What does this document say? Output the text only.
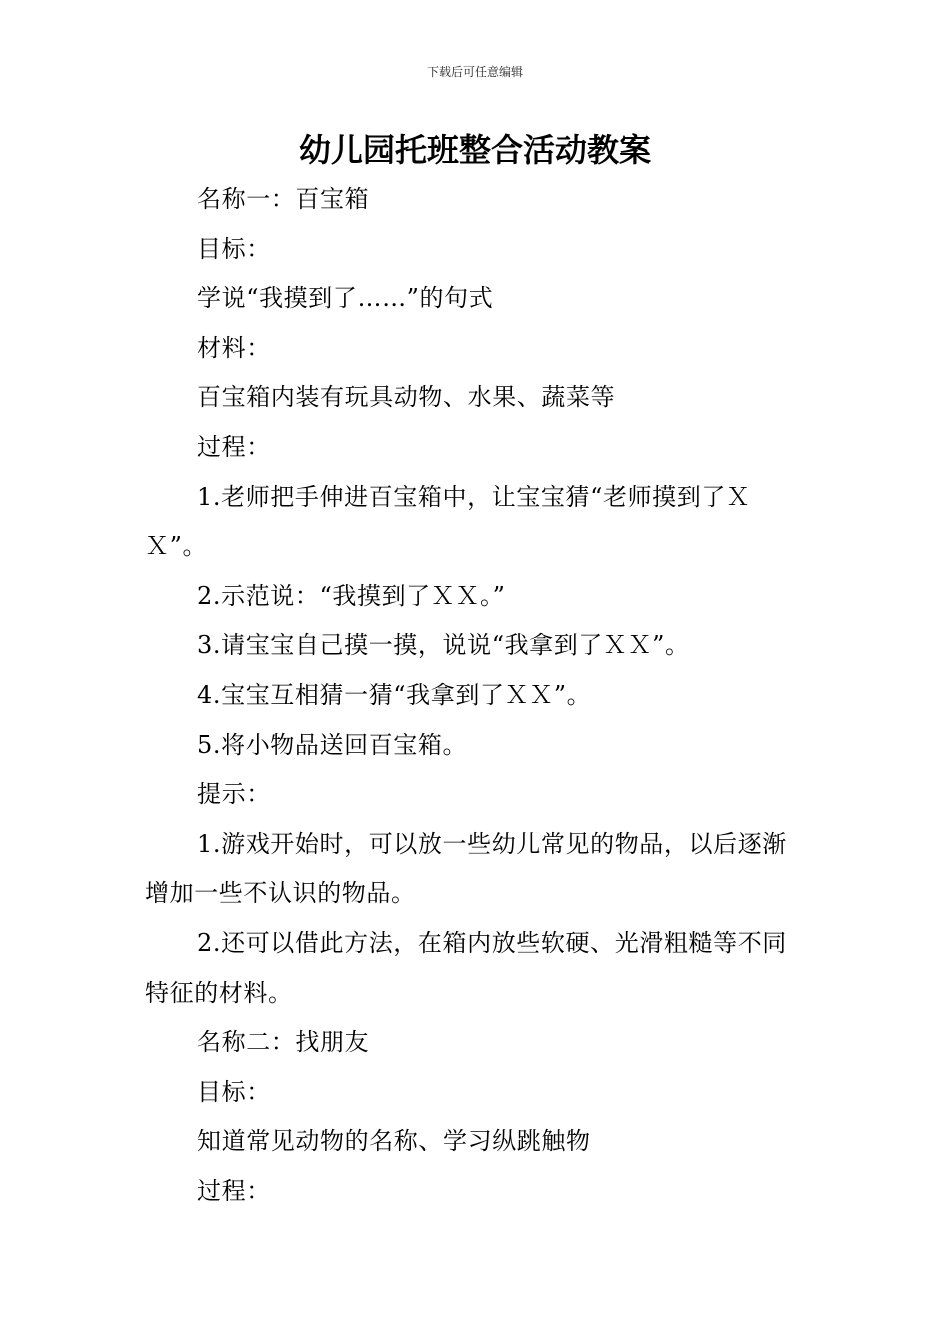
下载后可任意编辑
幼儿园托班整合活动教案

名称一：百宝箱

目标：

学说“我摸到了……”的句式

材料：

百宝箱内装有玩具动物、水果、蔬菜等

过程：

1.老师把手伸进百宝箱中，让宝宝猜“老师摸到了ＸＸ”。

2.示范说：“我摸到了ＸＸ。”

3.请宝宝自己摸一摸，说说“我拿到了ＸＸ”。

4.宝宝互相猜一猜“我拿到了ＸＸ”。

5.将小物品送回百宝箱。

提示：

1.游戏开始时，可以放一些幼儿常见的物品，以后逐渐增加一些不认识的物品。

2.还可以借此方法，在箱内放些软硬、光滑粗糙等不同特征的材料。

名称二：找朋友

目标：

知道常见动物的名称、学习纵跳触物

过程：
